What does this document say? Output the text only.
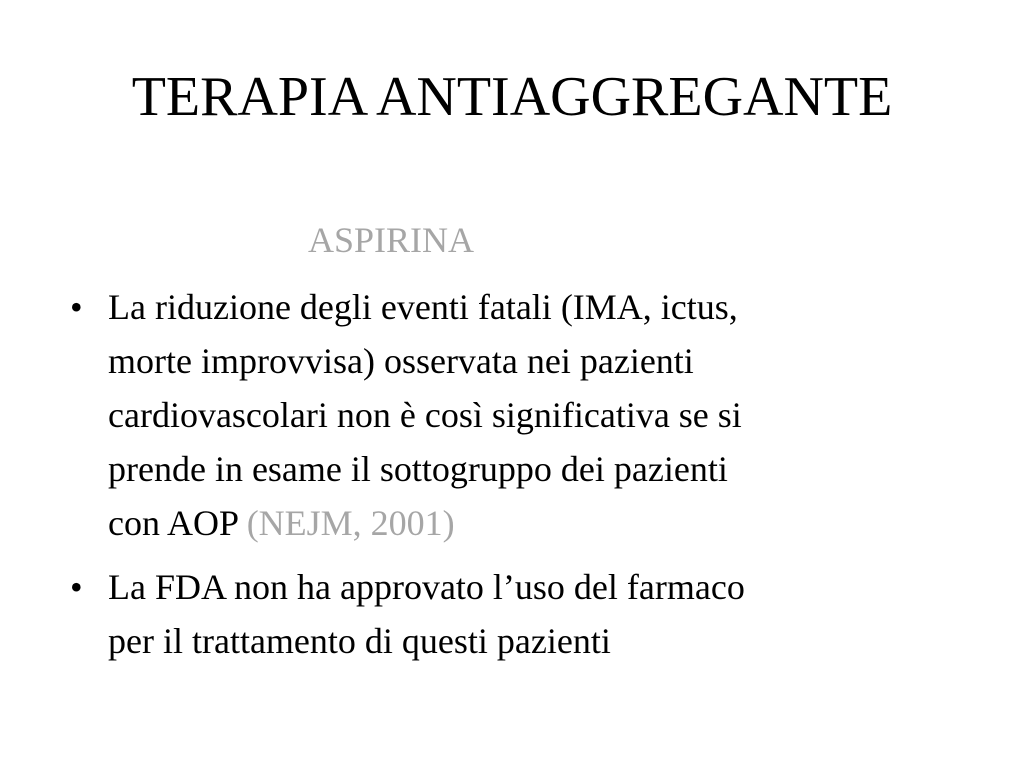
TERAPIA ANTIAGGREGANTE
ASPIRINA
• La riduzione degli eventi fatali (IMA, ictus,
morte improvvisa) osservata nei pazienti
cardiovascolari non è così significativa se si
prende in esame il sottogruppo dei pazienti
con AOP (NEJM, 2001)
• La FDA non ha approvato l’uso del farmaco
per il trattamento di questi pazienti
